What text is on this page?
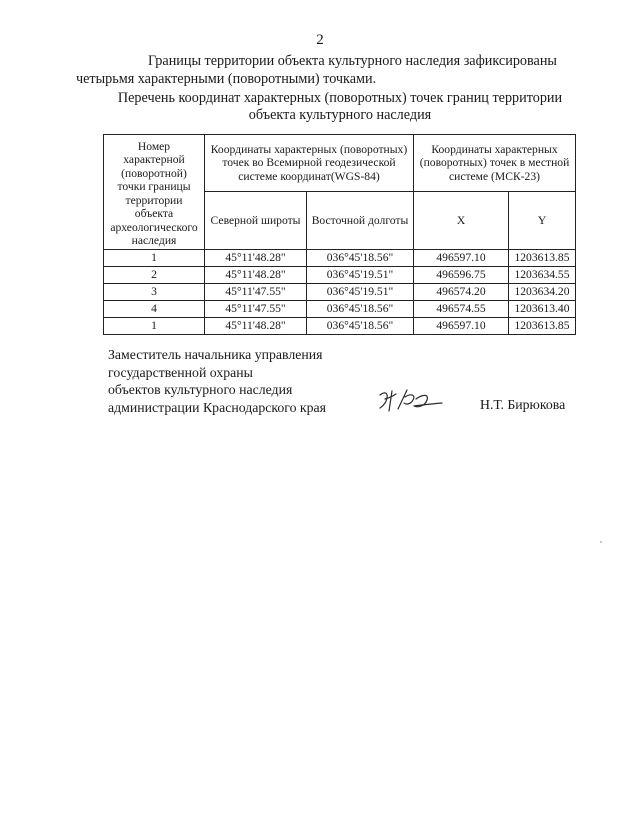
2

Границы территории объекта культурного наследия зафиксированы
четырьмя характерными (поворотными) точками.

Перечень координат характерных (поворотных) точек границ территории
объекта культурного наследия
Номер характерной (поворотной) точки границы территории объекта археологического наследия	Координаты характерных (поворотных) точек во Всемирной геодезической системе координат(WGS-84)		Координаты характерных (поворотных) точек в местной системе (МСК-23)	
	Северной широты	Восточной долготы	X	Y
1	45°11'48.28"	036°45'18.56"	496597.10	1203613.85
2	45°11'48.28"	036°45'19.51"	496596.75	1203634.55
3	45°11'47.55"	036°45'19.51"	496574.20	1203634.20
4	45°11'47.55"	036°45'18.56"	496574.55	1203613.40
1	45°11'48.28"	036°45'18.56"	496597.10	1203613.85
Заместитель начальника управления
государственной охраны
объектов культурного наследия
администрации Краснодарского края	Н.Т. Бирюкова
